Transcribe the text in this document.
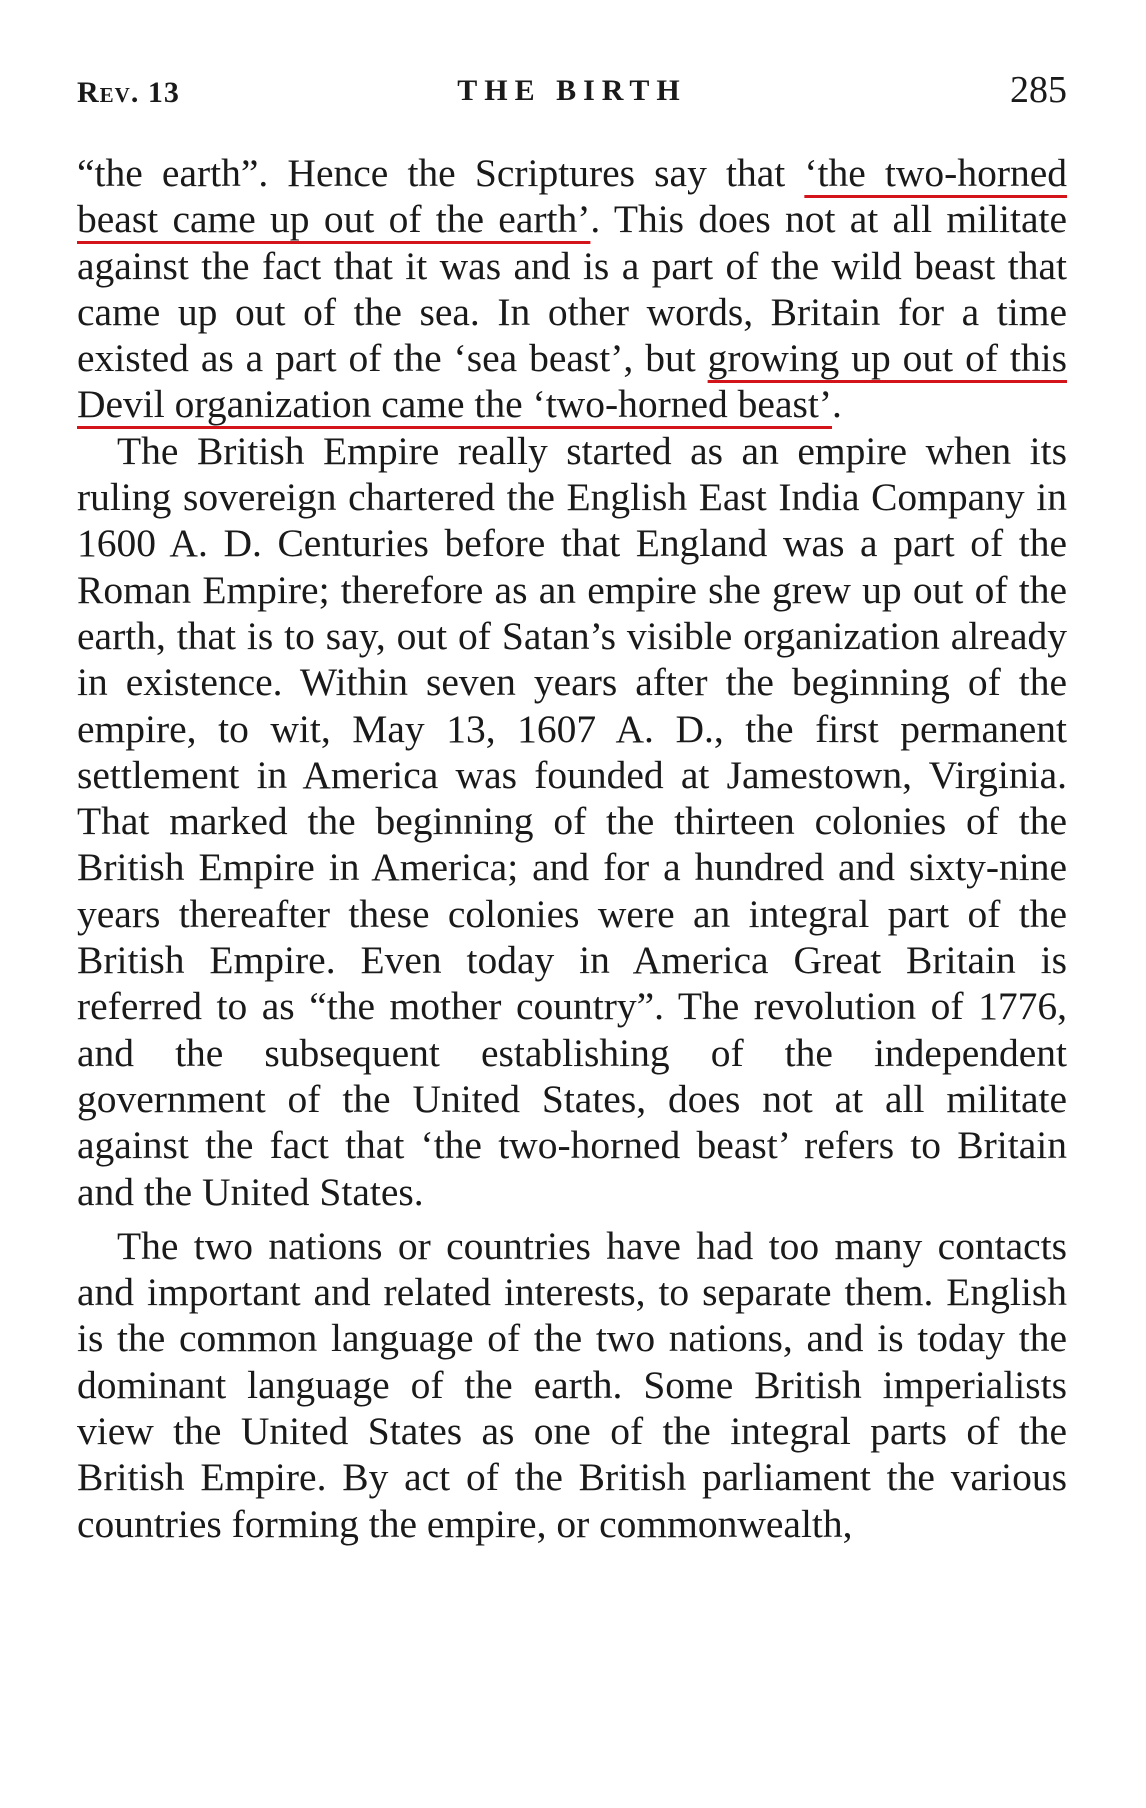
Rev. 13	THE BIRTH	285

“the earth”. Hence the Scriptures say that ‘the two-horned beast came up out of the earth’. This does not at all militate against the fact that it was and is a part of the wild beast that came up out of the sea. In other words, Britain for a time existed as a part of the ‘sea beast’, but growing up out of this Devil organization came the ‘two-horned beast’.

The British Empire really started as an empire when its ruling sovereign chartered the English East India Company in 1600 A. D. Centuries before that England was a part of the Roman Empire; therefore as an empire she grew up out of the earth, that is to say, out of Satan’s visible organization already in existence. Within seven years after the beginning of the empire, to wit, May 13, 1607 A. D., the first permanent settlement in America was founded at Jamestown, Virginia. That marked the beginning of the thirteen colonies of the British Empire in America; and for a hundred and sixty-nine years thereafter these colonies were an integral part of the British Empire. Even today in America Great Britain is referred to as “the mother country”. The revolution of 1776, and the subsequent establishing of the independent government of the United States, does not at all militate against the fact that ‘the two-horned beast’ refers to Britain and the United States.

The two nations or countries have had too many contacts and important and related interests, to separate them. English is the common language of the two nations, and is today the dominant language of the earth. Some British imperialists view the United States as one of the integral parts of the British Empire. By act of the British parliament the various countries forming the empire, or commonwealth,
